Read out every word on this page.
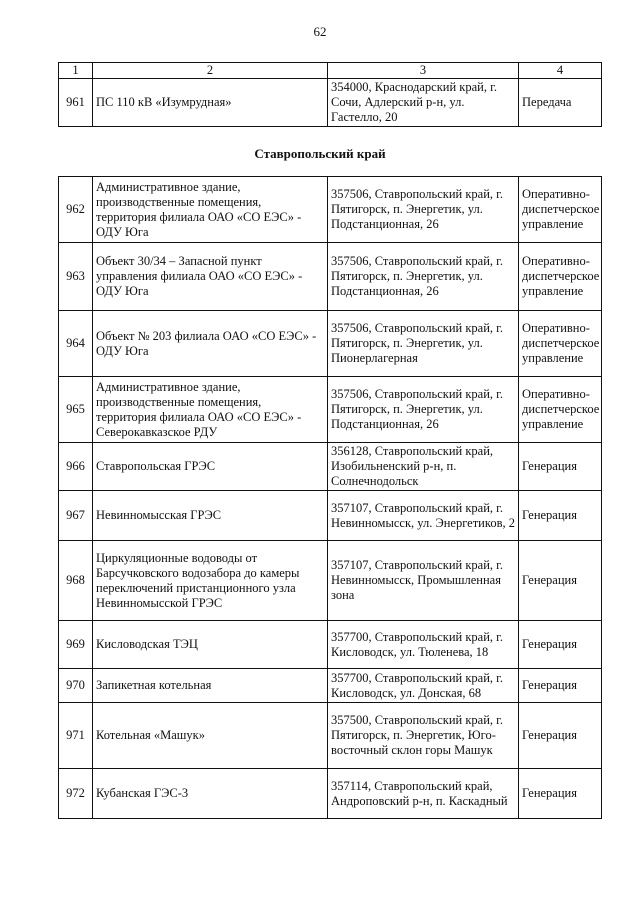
62
1	2	3	4
961	ПС 110 кВ «Изумрудная»	354000, Краснодарский край, г. Сочи, Адлерский р-н, ул. Гастелло, 20	Передача
Ставропольский край
962	Административное здание, производственные помещения, территория филиала ОАО «СО ЕЭС» - ОДУ Юга	357506, Ставропольский край, г. Пятигорск, п. Энергетик, ул. Подстанционная, 26	Оперативно-диспетчерское управление
963	Объект 30/34 – Запасной пункт управления филиала ОАО «СО ЕЭС» - ОДУ Юга	357506, Ставропольский край, г. Пятигорск, п. Энергетик, ул. Подстанционная, 26	Оперативно-диспетчерское управление
964	Объект № 203 филиала ОАО «СО ЕЭС» - ОДУ Юга	357506, Ставропольский край, г. Пятигорск, п. Энергетик, ул. Пионерлагерная	Оперативно-диспетчерское управление
965	Административное здание, производственные помещения, территория филиала ОАО «СО ЕЭС» - Северокавказское РДУ	357506, Ставропольский край, г. Пятигорск, п. Энергетик, ул. Подстанционная, 26	Оперативно-диспетчерское управление
966	Ставропольская ГРЭС	356128, Ставропольский край, Изобильненский р-н, п. Солнечнодольск	Генерация
967	Невинномысская ГРЭС	357107, Ставропольский край, г. Невинномысск, ул. Энергетиков, 2	Генерация
968	Циркуляционные водоводы от Барсучковского водозабора до камеры переключений пристанционного узла Невинномысской ГРЭС	357107, Ставропольский край, г. Невинномысск, Промышленная зона	Генерация
969	Кисловодская ТЭЦ	357700, Ставропольский край, г. Кисловодск, ул. Тюленева, 18	Генерация
970	Запикетная котельная	357700, Ставропольский край, г. Кисловодск, ул. Донская, 68	Генерация
971	Котельная «Машук»	357500, Ставропольский край, г. Пятигорск, п. Энергетик, Юго-восточный склон горы Машук	Генерация
972	Кубанская ГЭС-3	357114, Ставропольский край, Андроповский р-н, п. Каскадный	Генерация
